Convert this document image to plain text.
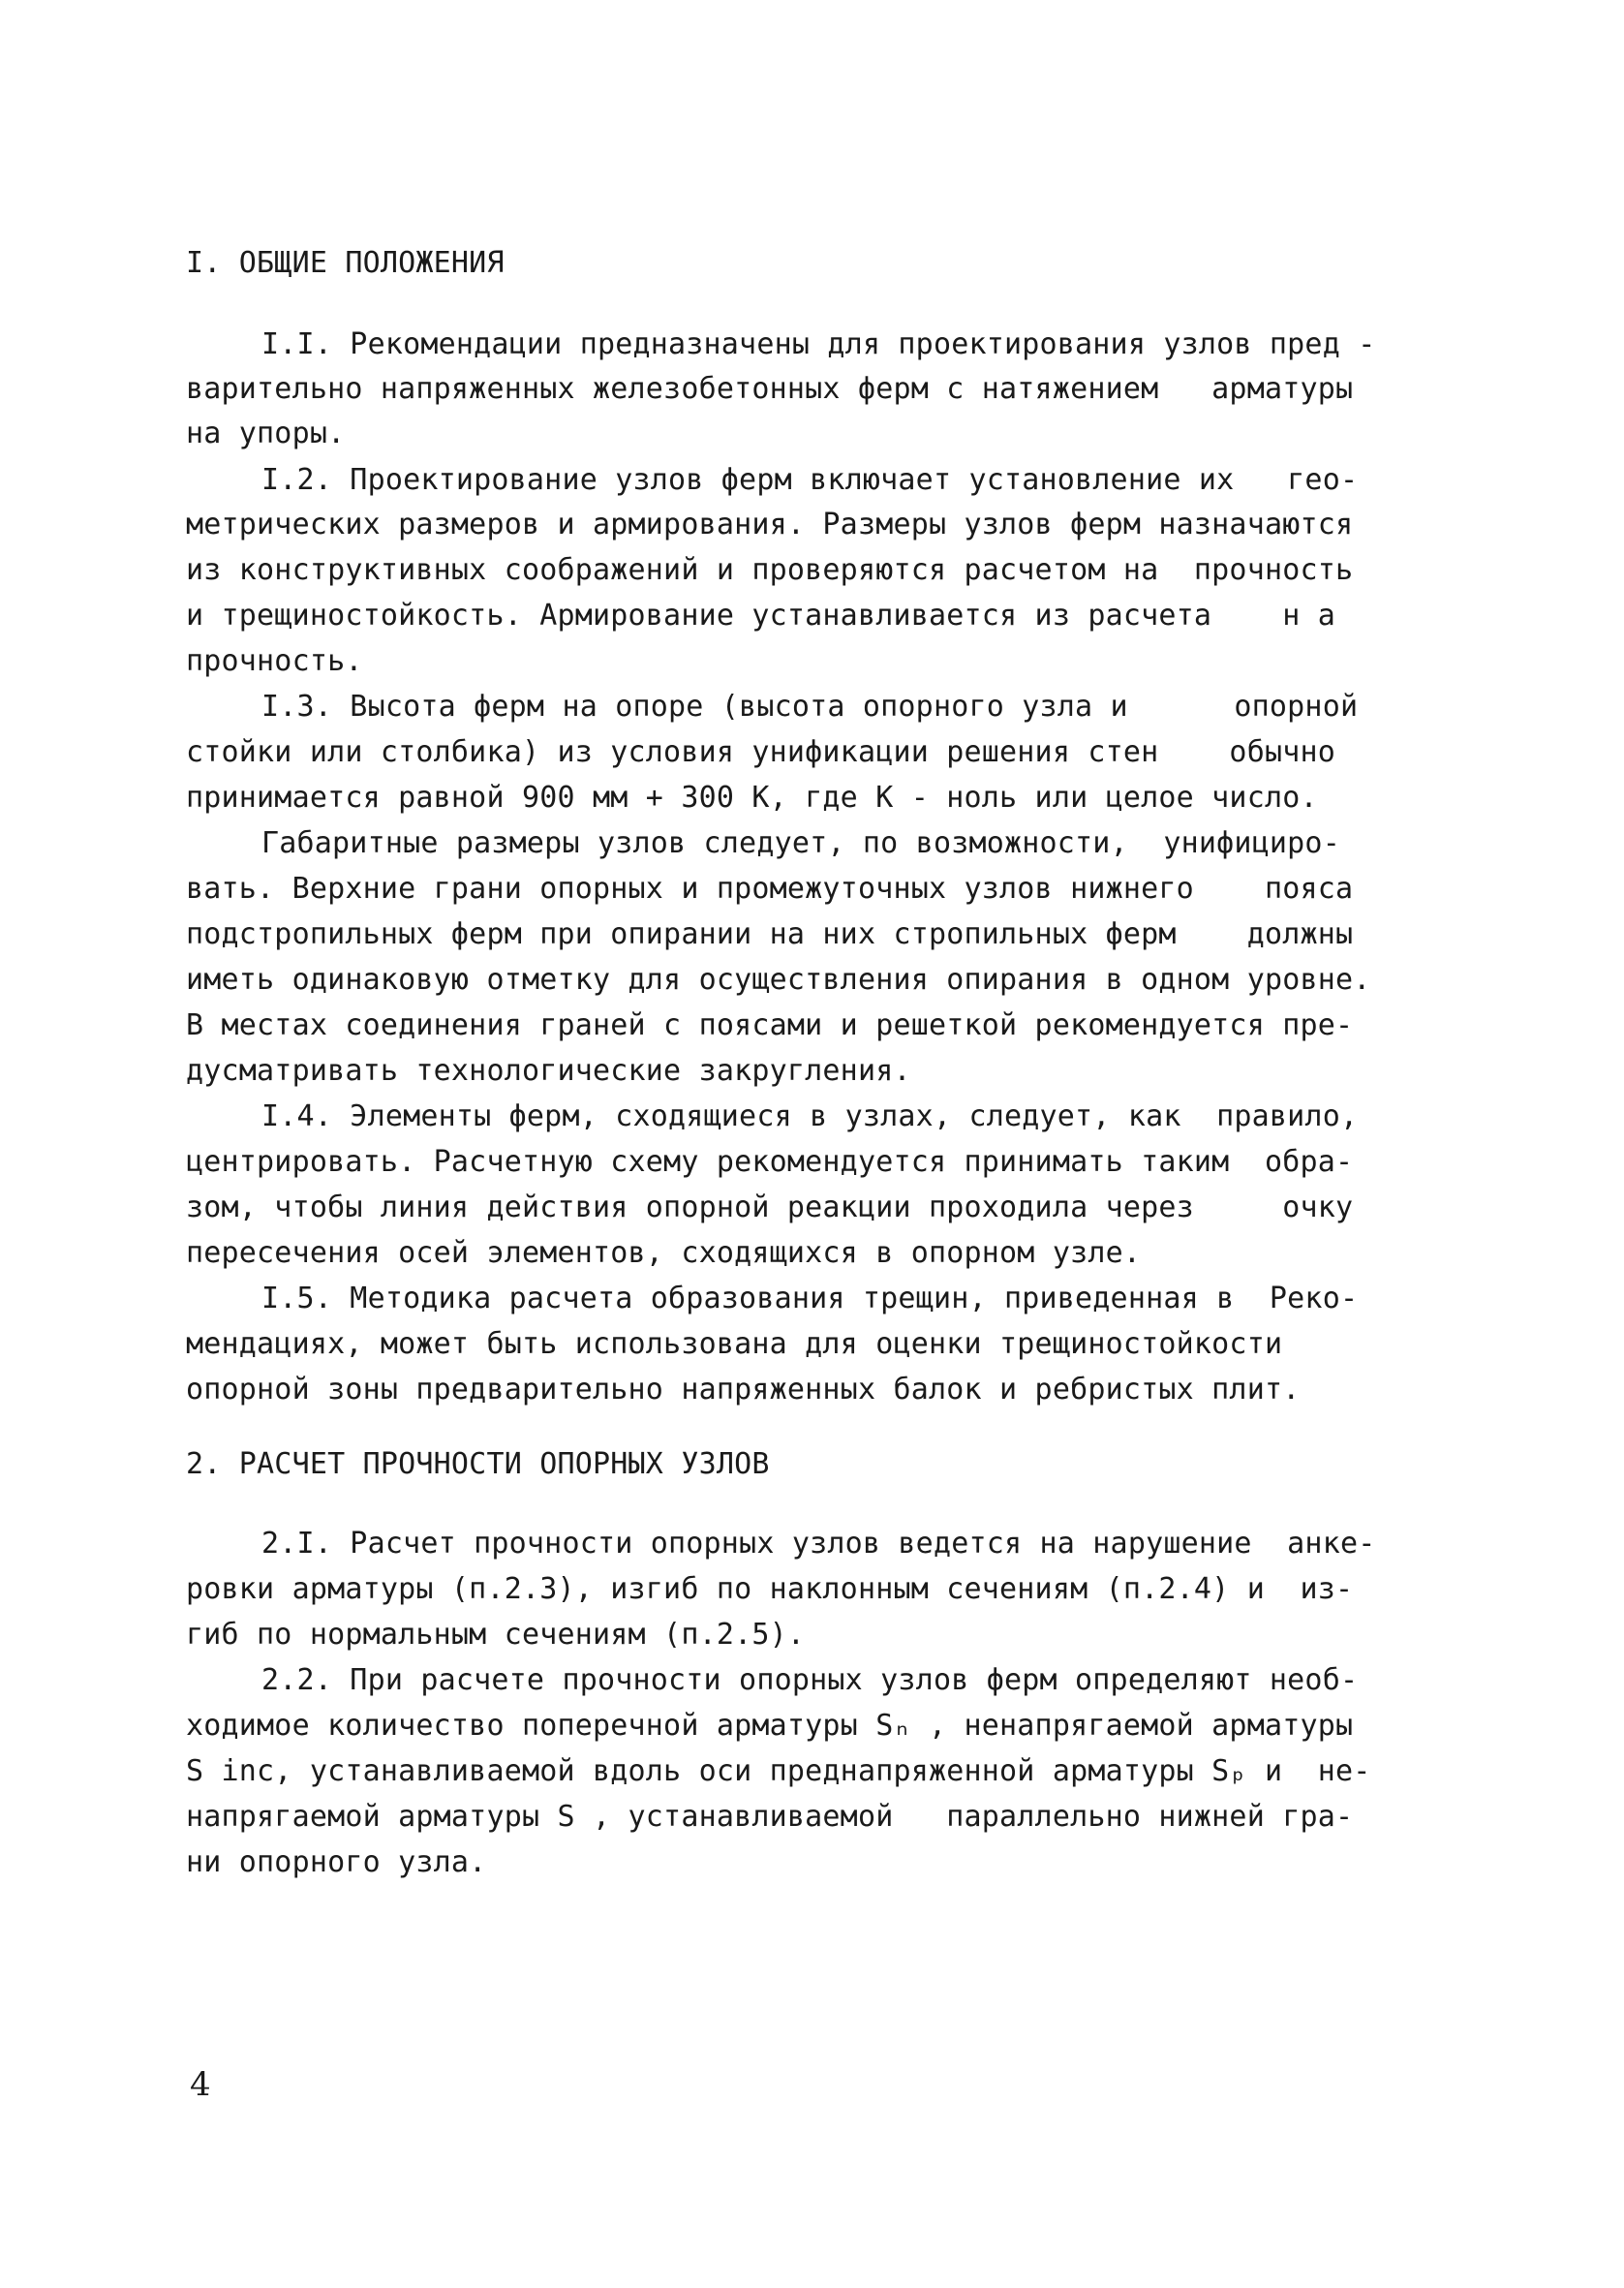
I. ОБЩИЕ ПОЛОЖЕНИЯ
I.I. Рекомендации предназначены для проектирования узлов пред -
варительно напряженных железобетонных ферм с натяжением   арматуры
на упоры.
I.2. Проектирование узлов ферм включает установление их   гео-
метрических размеров и армирования. Размеры узлов ферм назначаются
из конструктивных соображений и проверяются расчетом на  прочность
и трещиностойкость. Армирование устанавливается из расчета    н а
прочность.
I.3. Высота ферм на опоре (высота опорного узла и      опорной
стойки или столбика) из условия унификации решения стен    обычно
принимается равной 900 мм + 300 К, где К - ноль или целое число.
Габаритные размеры узлов следует, по возможности,  унифициро-
вать. Верхние грани опорных и промежуточных узлов нижнего    пояса
подстропильных ферм при опирании на них стропильных ферм    должны
иметь одинаковую отметку для осуществления опирания в одном уровне.
В местах соединения граней с поясами и решеткой рекомендуется пре-
дусматривать технологические закругления.
I.4. Элементы ферм, сходящиеся в узлах, следует, как  правило,
центрировать. Расчетную схему рекомендуется принимать таким  обра-
зом, чтобы линия действия опорной реакции проходила через     очку
пересечения осей элементов, сходящихся в опорном узле.
I.5. Методика расчета образования трещин, приведенная в  Реко-
мендациях, может быть использована для оценки трещиностойкости
опорной зоны предварительно напряженных балок и ребристых плит.
2. РАСЧЕТ ПРОЧНОСТИ ОПОРНЫХ УЗЛОВ
2.I. Расчет прочности опорных узлов ведется на нарушение  анке-
ровки арматуры (п.2.3), изгиб по наклонным сечениям (п.2.4) и  из-
гиб по нормальным сечениям (п.2.5).
2.2. При расчете прочности опорных узлов ферм определяют необ-
ходимое количество поперечной арматуры Sₙ , ненапрягаемой арматуры
S inc, устанавливаемой вдоль оси преднапряженной арматуры Sₚ и  не-
напрягаемой арматуры S , устанавливаемой   параллельно нижней гра-
ни опорного узла.
4
